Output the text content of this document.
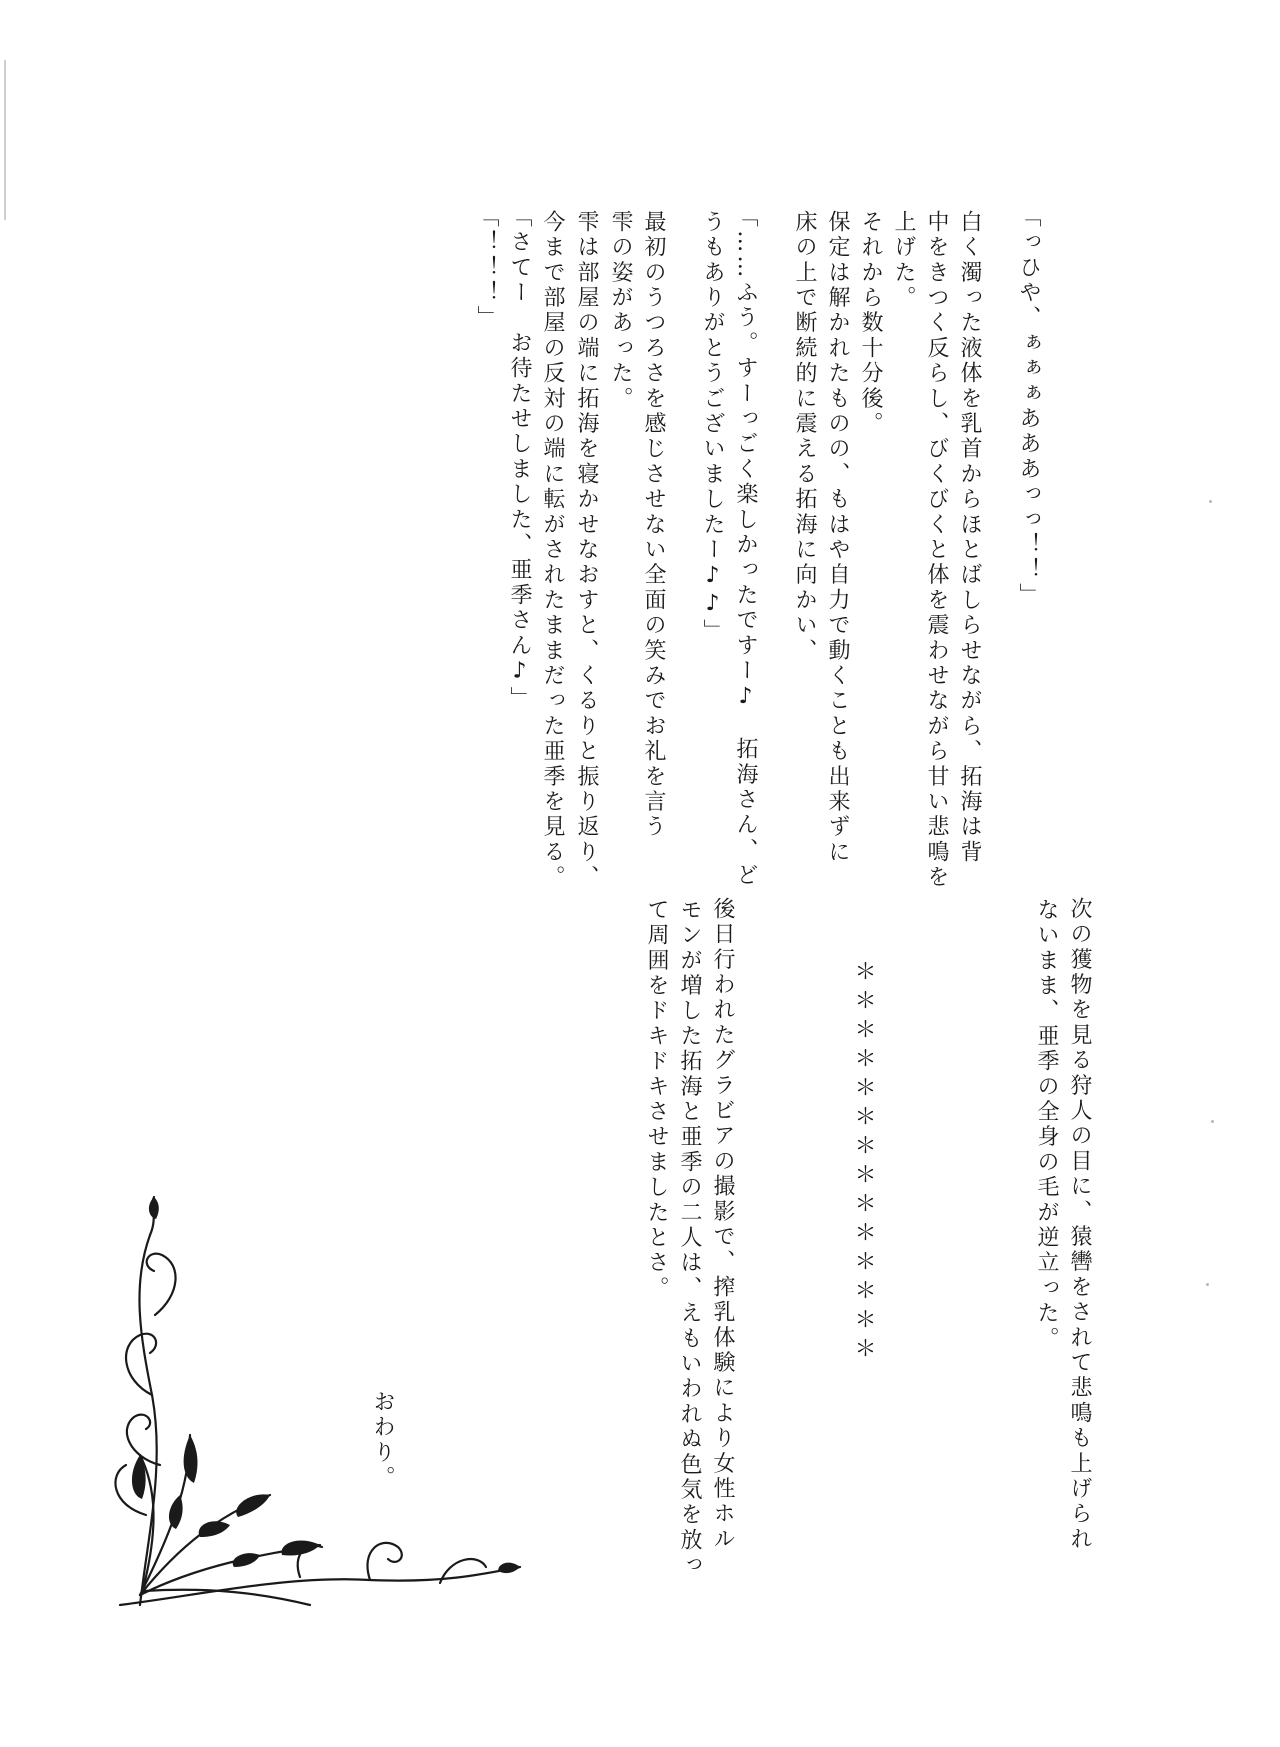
「っひや、ぁぁぁあああっっ！！」

白く濁った液体を乳首からほとばしらせながら、拓海は背

中をきつく反らし、びくびくと体を震わせながら甘い悲鳴を

上げた。

それから数十分後。

保定は解かれたものの、もはや自力で動くことも出来ずに

床の上で断続的に震える拓海に向かい、

「……ふう。すーっごく楽しかったですー♪　拓海さん、ど

うもありがとうございましたー♪♪」

最初のうつろさを感じさせない全面の笑みでお礼を言う

雫の姿があった。

雫は部屋の端に拓海を寝かせなおすと、くるりと振り返り、

今まで部屋の反対の端に転がされたままだった亜季を見る。

「さてー　お待たせしました、亜季さん♪」

「！！！」

次の獲物を見る狩人の目に、猿轡をされて悲鳴も上げられ

ないまま、亜季の全身の毛が逆立った。

＊＊＊＊＊＊＊＊＊＊＊＊＊＊

後日行われたグラビアの撮影で、搾乳体験により女性ホル

モンが増した拓海と亜季の二人は、えもいわれぬ色気を放っ

て周囲をドキドキさせましたとさ。

おわり。
